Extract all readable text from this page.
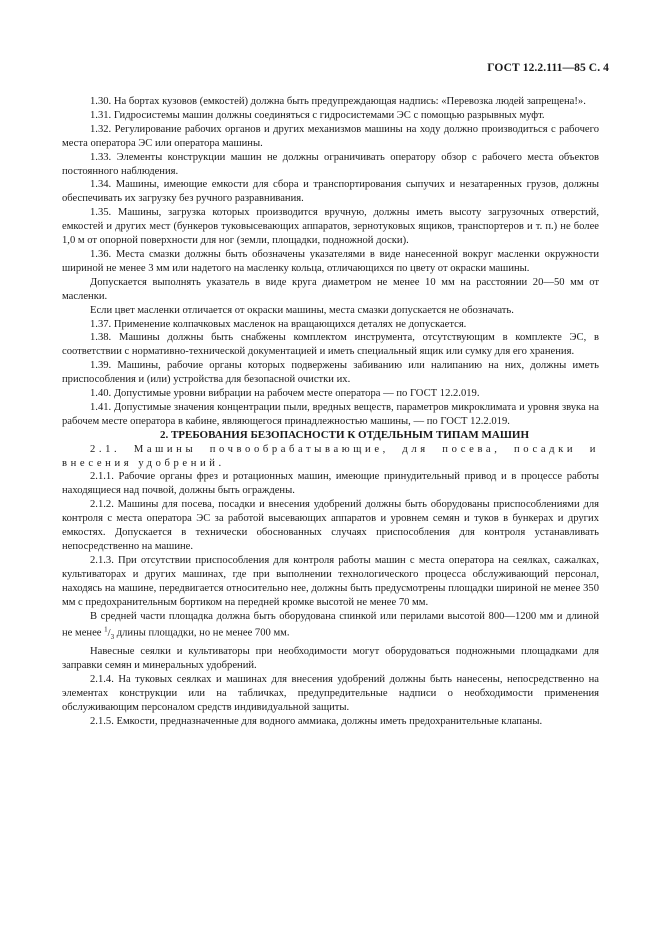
ГОСТ 12.2.111—85 С. 4

1.30. На бортах кузовов (емкостей) должна быть предупреждающая надпись: «Перевозка людей запрещена!».

1.31. Гидросистемы машин должны соединяться с гидросистемами ЭС с помощью разрывных муфт.

1.32. Регулирование рабочих органов и других механизмов машины на ходу должно производиться с рабочего места оператора ЭС или оператора машины.

1.33. Элементы конструкции машин не должны ограничивать оператору обзор с рабочего места объектов постоянного наблюдения.

1.34. Машины, имеющие емкости для сбора и транспортирования сыпучих и незатаренных грузов, должны обеспечивать их загрузку без ручного разравнивания.

1.35. Машины, загрузка которых производится вручную, должны иметь высоту загрузочных отверстий, емкостей и других мест (бункеров туковысевающих аппаратов, зернотуковых ящиков, транспортеров и т. п.) не более 1,0 м от опорной поверхности для ног (земли, площадки, подножной доски).

1.36. Места смазки должны быть обозначены указателями в виде нанесенной вокруг масленки окружности шириной не менее 3 мм или надетого на масленку кольца, отличающихся по цвету от окраски машины.

Допускается выполнять указатель в виде круга диаметром не менее 10 мм на расстоянии 20—50 мм от масленки.

Если цвет масленки отличается от окраски машины, места смазки допускается не обозначать.

1.37. Применение колпачковых масленок на вращающихся деталях не допускается.

1.38. Машины должны быть снабжены комплектом инструмента, отсутствующим в комплекте ЭС, в соответствии с нормативно-технической документацией и иметь специальный ящик или сумку для его хранения.

1.39. Машины, рабочие органы которых подвержены забиванию или налипанию на них, должны иметь приспособления и (или) устройства для безопасной очистки их.

1.40. Допустимые уровни вибрации на рабочем месте оператора — по ГОСТ 12.2.019.

1.41. Допустимые значения концентрации пыли, вредных веществ, параметров микроклимата и уровня звука на рабочем месте оператора в кабине, являющегося принадлежностью машины, — по ГОСТ 12.2.019.

2. ТРЕБОВАНИЯ БЕЗОПАСНОСТИ К ОТДЕЛЬНЫМ ТИПАМ МАШИН

2.1. Машины почвообрабатывающие, для посева, посадки и внесения удобрений.

2.1.1. Рабочие органы фрез и ротационных машин, имеющие принудительный привод и в процессе работы находящиеся над почвой, должны быть ограждены.

2.1.2. Машины для посева, посадки и внесения удобрений должны быть оборудованы приспособлениями для контроля с места оператора ЭС за работой высевающих аппаратов и уровнем семян и туков в бункерах и других емкостях. Допускается в технически обоснованных случаях приспособления для контроля устанавливать непосредственно на машине.

2.1.3. При отсутствии приспособления для контроля работы машин с места оператора на сеялках, сажалках, культиваторах и других машинах, где при выполнении технологического процесса обслуживающий персонал, находясь на машине, передвигается относительно нее, должны быть предусмотрены площадки шириной не менее 350 мм с предохранительным бортиком на передней кромке высотой не менее 70 мм.

В средней части площадка должна быть оборудована спинкой или перилами высотой 800—1200 мм и длиной не менее $^1/_3$ длины площадки, но не менее 700 мм.

Навесные сеялки и культиваторы при необходимости могут оборудоваться подножными площадками для заправки семян и минеральных удобрений.

2.1.4. На туковых сеялках и машинах для внесения удобрений должны быть нанесены, непосредственно на элементах конструкции или на табличках, предупредительные надписи о необходимости применения обслуживающим персоналом средств индивидуальной защиты.

2.1.5. Емкости, предназначенные для водного аммиака, должны иметь предохранительные клапаны.
